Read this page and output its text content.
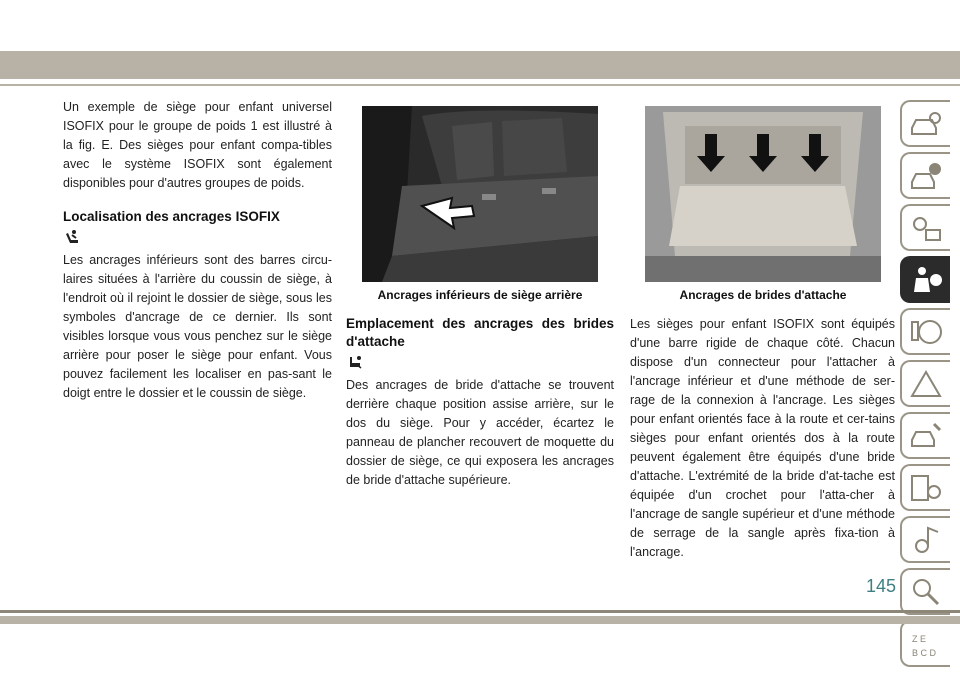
Un exemple de siège pour enfant universel ISOFIX pour le groupe de poids 1 est illustré à la fig. E. Des sièges pour enfant compa-tibles avec le système ISOFIX sont également disponibles pour d'autres groupes de poids.

Localisation des ancrages ISOFIX

Les ancrages inférieurs sont des barres circu-laires situées à l'arrière du coussin de siège, à l'endroit où il rejoint le dossier de siège, sous les symboles d'ancrage de ce dernier. Ils sont visibles lorsque vous vous penchez sur le siège arrière pour poser le siège pour enfant. Vous pouvez facilement les localiser en pas-sant le doigt entre le dossier et le coussin de siège.

Ancrages inférieurs de siège arrière	Ancrages de brides d'attache
Emplacement des ancrages des brides d'attache

Des ancrages de bride d'attache se trouvent derrière chaque position assise arrière, sur le dos du siège. Pour y accéder, écartez le panneau de plancher recouvert de moquette du dossier de siège, ce qui exposera les ancrages de bride d'attache supérieure.

Les sièges pour enfant ISOFIX sont équipés d'une barre rigide de chaque côté. Chacun dispose d'un connecteur pour l'attacher à l'ancrage inférieur et d'une méthode de ser-rage de la connexion à l'ancrage. Les sièges pour enfant orientés face à la route et cer-tains sièges pour enfant orientés dos à la route peuvent également être équipés d'une bride d'attache. L'extrémité de la bride d'at-tache est équipée d'un crochet pour l'atta-cher à l'ancrage de sangle supérieur et d'une méthode de serrage de la sangle après fixa-tion à l'ancrage.

Z E
B C D
145
